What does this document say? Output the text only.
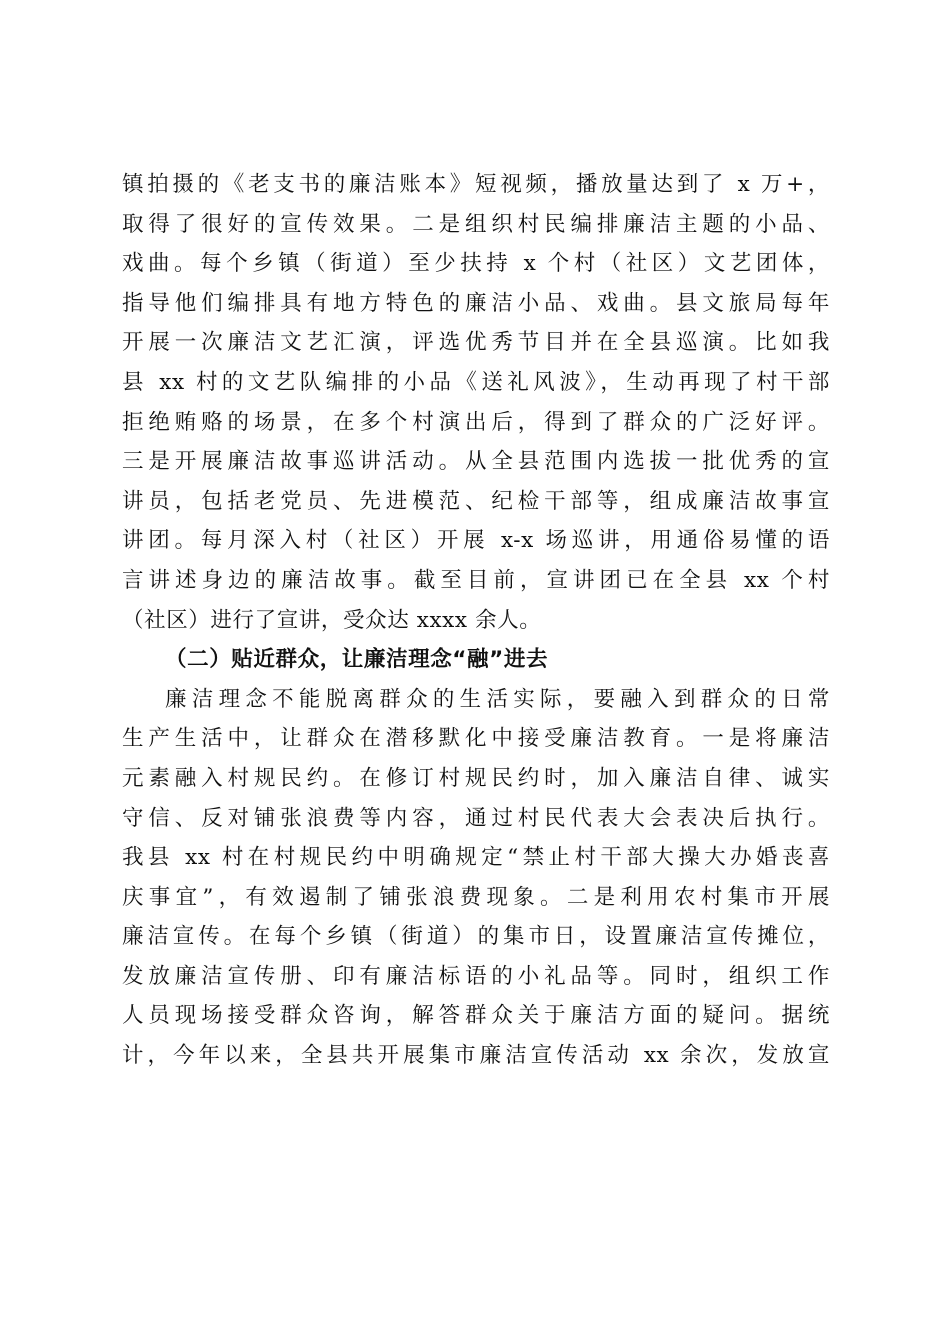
镇拍摄的《老支书的廉洁账本》短视频，播放量达到了 x 万+，
取得了很好的宣传效果。二是组织村民编排廉洁主题的小品、
戏曲。每个乡镇（街道）至少扶持 x 个村（社区）文艺团体，
指导他们编排具有地方特色的廉洁小品、戏曲。县文旅局每年
开展一次廉洁文艺汇演，评选优秀节目并在全县巡演。比如我
县 xx 村的文艺队编排的小品《送礼风波》，生动再现了村干部
拒绝贿赂的场景，在多个村演出后，得到了群众的广泛好评。
三是开展廉洁故事巡讲活动。从全县范围内选拔一批优秀的宣
讲员，包括老党员、先进模范、纪检干部等，组成廉洁故事宣
讲团。每月深入村（社区）开展 x-x 场巡讲，用通俗易懂的语
言讲述身边的廉洁故事。截至目前，宣讲团已在全县 xx 个村
（社区）进行了宣讲，受众达 xxxx 余人。
（二）贴近群众，让廉洁理念“融”进去
廉洁理念不能脱离群众的生活实际，要融入到群众的日常
生产生活中，让群众在潜移默化中接受廉洁教育。一是将廉洁
元素融入村规民约。在修订村规民约时，加入廉洁自律、诚实
守信、反对铺张浪费等内容，通过村民代表大会表决后执行。
我县 xx 村在村规民约中明确规定“禁止村干部大操大办婚丧喜
庆事宜”，有效遏制了铺张浪费现象。二是利用农村集市开展
廉洁宣传。在每个乡镇（街道）的集市日，设置廉洁宣传摊位，
发放廉洁宣传册、印有廉洁标语的小礼品等。同时，组织工作
人员现场接受群众咨询，解答群众关于廉洁方面的疑问。据统
计，今年以来，全县共开展集市廉洁宣传活动 xx 余次，发放宣
